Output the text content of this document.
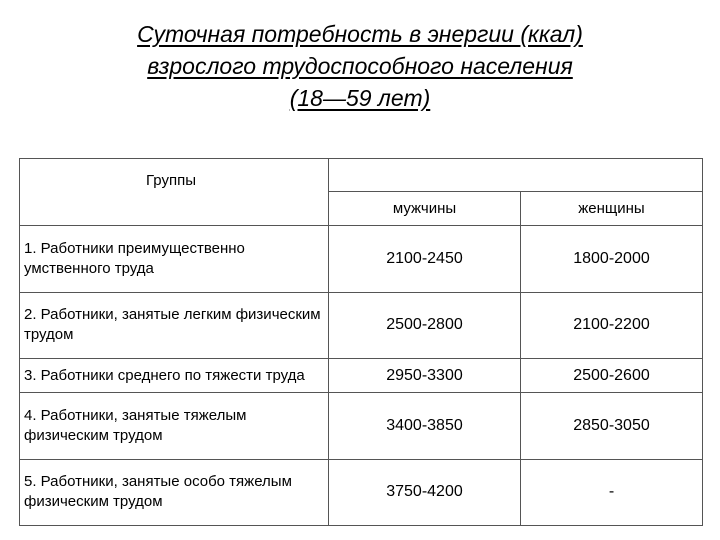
Суточная потребность в энергии (ккал)
взрослого трудоспособного населения
(18—59 лет)
Группы		
	мужчины	женщины
1. Работники преимущественно умственного труда	2100-2450	1800-2000
2. Работники, занятые легким физическим трудом	2500-2800	2100-2200
3. Работники среднего по тяжести труда	2950-3300	2500-2600
4. Работники, занятые тяжелым физическим трудом	3400-3850	2850-3050
5. Работники, занятые особо тяжелым физическим трудом	3750-4200	-
